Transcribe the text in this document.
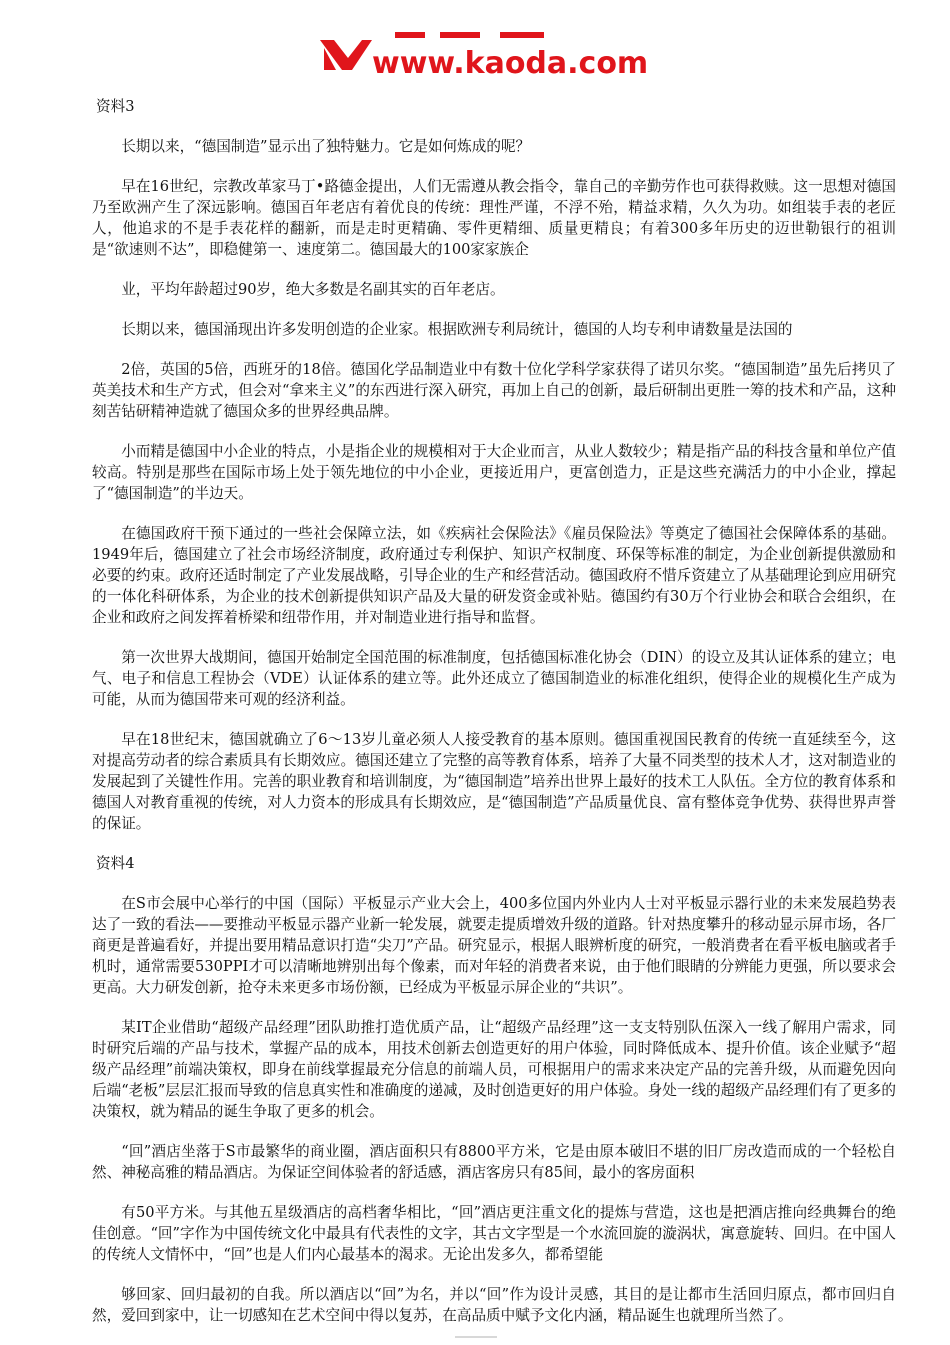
www.kaoda.com
资料3

长期以来，“德国制造”显示出了独特魅力。它是如何炼成的呢？

早在16世纪，宗教改革家马丁•路德金提出，人们无需遵从教会指令，靠自己的辛勤劳作也可获得救赎。这一思想对德国乃至欧洲产生了深远影响。德国百年老店有着优良的传统：理性严谨，不浮不殆，精益求精，久久为功。如组装手表的老匠人，他追求的不是手表花样的翻新，而是走时更精确、零件更精细、质量更精良；有着300多年历史的迈世勒银行的祖训是“欲速则不达”，即稳健第一、速度第二。德国最大的100家家族企

业，平均年龄超过90岁，绝大多数是名副其实的百年老店。

长期以来，德国涌现出许多发明创造的企业家。根据欧洲专利局统计，德国的人均专利申请数量是法国的

2倍，英国的5倍，西班牙的18倍。德国化学品制造业中有数十位化学科学家获得了诺贝尔奖。“德国制造”虽先后拷贝了英美技术和生产方式，但会对“拿来主义”的东西进行深入研究，再加上自己的创新，最后研制出更胜一筹的技术和产品，这种刻苦钻研精神造就了德国众多的世界经典品牌。

小而精是德国中小企业的特点，小是指企业的规模相对于大企业而言，从业人数较少；精是指产品的科技含量和单位产值较高。特别是那些在国际市场上处于领先地位的中小企业，更接近用户，更富创造力，正是这些充满活力的中小企业，撑起了“德国制造”的半边天。

在德国政府干预下通过的一些社会保障立法，如《疾病社会保险法》《雇员保险法》等奠定了德国社会保障体系的基础。1949年后，德国建立了社会市场经济制度，政府通过专利保护、知识产权制度、环保等标准的制定，为企业创新提供激励和必要的约束。政府还适时制定了产业发展战略，引导企业的生产和经营活动。德国政府不惜斥资建立了从基础理论到应用研究的一体化科研体系，为企业的技术创新提供知识产品及大量的研发资金或补贴。德国约有30万个行业协会和联合会组织，在企业和政府之间发挥着桥梁和纽带作用，并对制造业进行指导和监督。

第一次世界大战期间，德国开始制定全国范围的标准制度，包括德国标准化协会（DIN）的设立及其认证体系的建立；电气、电子和信息工程协会（VDE）认证体系的建立等。此外还成立了德国制造业的标准化组织，使得企业的规模化生产成为可能，从而为德国带来可观的经济利益。

早在18世纪末，德国就确立了6～13岁儿童必须人人接受教育的基本原则。德国重视国民教育的传统一直延续至今，这对提高劳动者的综合素质具有长期效应。德国还建立了完整的高等教育体系，培养了大量不同类型的技术人才，这对制造业的发展起到了关键性作用。完善的职业教育和培训制度，为“德国制造”培养出世界上最好的技术工人队伍。全方位的教育体系和德国人对教育重视的传统，对人力资本的形成具有长期效应，是“德国制造”产品质量优良、富有整体竞争优势、获得世界声誉的保证。

资料4

在S市会展中心举行的中国（国际）平板显示产业大会上，400多位国内外业内人士对平板显示器行业的未来发展趋势表达了一致的看法——要推动平板显示器产业新一轮发展，就要走提质增效升级的道路。针对热度攀升的移动显示屏市场，各厂商更是普遍看好，并提出要用精品意识打造“尖刀”产品。研究显示，根据人眼辨析度的研究，一般消费者在看平板电脑或者手机时，通常需要530PPI才可以清晰地辨别出每个像素，而对年轻的消费者来说，由于他们眼睛的分辨能力更强，所以要求会更高。大力研发创新，抢夺未来更多市场份额，已经成为平板显示屏企业的“共识”。

某IT企业借助“超级产品经理”团队助推打造优质产品，让“超级产品经理”这一支支特别队伍深入一线了解用户需求，同时研究后端的产品与技术，掌握产品的成本，用技术创新去创造更好的用户体验，同时降低成本、提升价值。该企业赋予“超级产品经理”前端决策权，即身在前线掌握最充分信息的前端人员，可根据用户的需求来决定产品的完善升级，从而避免因向后端“老板”层层汇报而导致的信息真实性和准确度的递减，及时创造更好的用户体验。身处一线的超级产品经理们有了更多的决策权，就为精品的诞生争取了更多的机会。

“回”酒店坐落于S市最繁华的商业圈，酒店面积只有8800平方米，它是由原本破旧不堪的旧厂房改造而成的一个轻松自然、神秘高雅的精品酒店。为保证空间体验者的舒适感，酒店客房只有85间，最小的客房面积

有50平方米。与其他五星级酒店的高档奢华相比，“回”酒店更注重文化的提炼与营造，这也是把酒店推向经典舞台的绝佳创意。“回”字作为中国传统文化中最具有代表性的文字，其古文字型是一个水流回旋的漩涡状，寓意旋转、回归。在中国人的传统人文情怀中，“回”也是人们内心最基本的渴求。无论出发多久，都希望能

够回家、回归最初的自我。所以酒店以“回”为名，并以“回”作为设计灵感，其目的是让都市生活回归原点，都市回归自然，爱回到家中，让一切感知在艺术空间中得以复苏，在高品质中赋予文化内涵，精品诞生也就理所当然了。
